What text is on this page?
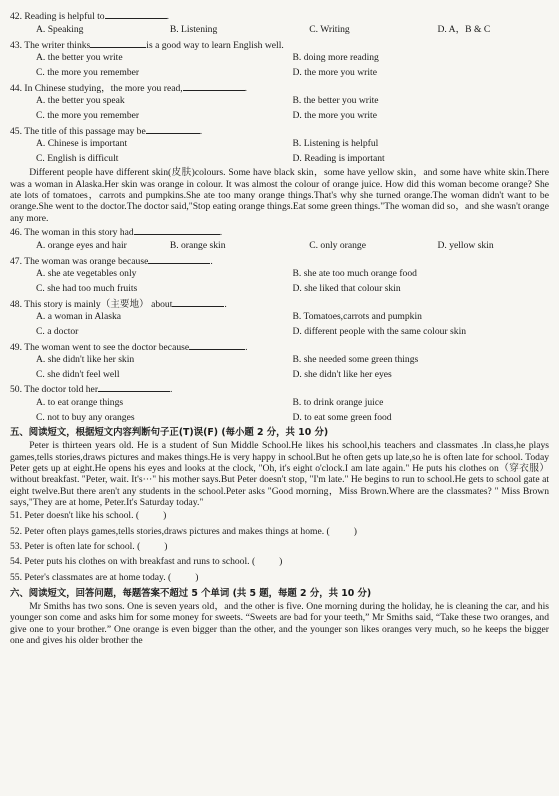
42. Reading is helpful to	.
A. Speaking	B. Listening	C. Writing	D. A，B & C
43. The writer thinks	is a good way to learn English well.
A. the better you write	B. doing more reading
C. the more you remember	D. the more you write
44. In Chinese studying，the more you read,	.
A. the better you speak	B. the better you write
C. the more you remember	D. the more you write
45. The title of this passage may be	.
A. Chinese is important	B. Listening is helpful
C. English is difficult	D. Reading is important

Different people have different skin(皮肤)colours. Some have black skin，some have yellow skin，and some have white skin.There was a woman in Alaska.Her skin was orange in colour. It was almost the colour of orange juice. How did this woman become orange? She ate lots of tomatoes，carrots and pumpkins.She ate too many orange things.That's why she turned orange.The woman didn't want to be orange.She went to the doctor.The doctor said,"Stop eating orange things.Eat some green things."The woman did so，and she wasn't orange any more.

46. The woman in this story had	.
A. orange eyes and hair	B. orange skin	C. only orange	D. yellow skin
47. The woman was orange because	.
A. she ate vegetables only	B. she ate too much orange food
C. she had too much fruits	D. she liked that colour skin
48. This story is mainly（主要地） about	.
A. a woman in Alaska	B. Tomatoes,carrots and pumpkin
C. a doctor	D. different people with the same colour skin
49. The woman went to see the doctor because	.
A. she didn't like her skin	B. she needed some green things
C. she didn't feel well	D. she didn't like her eyes
50. The doctor told her	.
A. to eat orange things	B. to drink orange juice
C. not to buy any oranges	D. to eat some green food
五、阅读短文，根据短文内容判断句子正(T)误(F) (每小题 2 分，共 10 分)

Peter is thirteen years old. He is a student of Sun Middle School.He likes his school,his teachers and classmates .In class,he plays games,tells stories,draws pictures and makes things.He is very happy in school.But he often gets up late,so he is often late for school. Today Peter gets up at eight.He opens his eyes and looks at the clock, "Oh, it's eight o'clock.I am late again." He puts his clothes on（穿衣服）without breakfast. "Peter, wait. It's···" his mother says.But Peter doesn't stop, "I'm late." He begins to run to school.He gets to school gate at eight twelve.But there aren't any students in the school.Peter asks "Good morning，Miss Brown.Where are the classmates? " Miss Brown says,"They are at home, Peter.It's Saturday today."

51. Peter doesn't like his school. (          )
52. Peter often plays games,tells stories,draws pictures and makes things at home. (          )
53. Peter is often late for school. (          )
54. Peter puts his clothes on with breakfast and runs to school. (          )
55. Peter's classmates are at home today. (          )
六、阅读短文，回答问题，每题答案不超过 5 个单词 (共 5 题，每题 2 分，共 10 分)

Mr Smiths has two sons. One is seven years old，and the other is five. One morning during the holiday, he is cleaning the car, and his younger son come and asks him for some money for sweets. “Sweets are bad for your teeth,” Mr Smiths said, “Take these two oranges, and give one to your brother.” One orange is even bigger than the other, and the younger son likes oranges very much, so he keeps the bigger one and gives his older brother the
